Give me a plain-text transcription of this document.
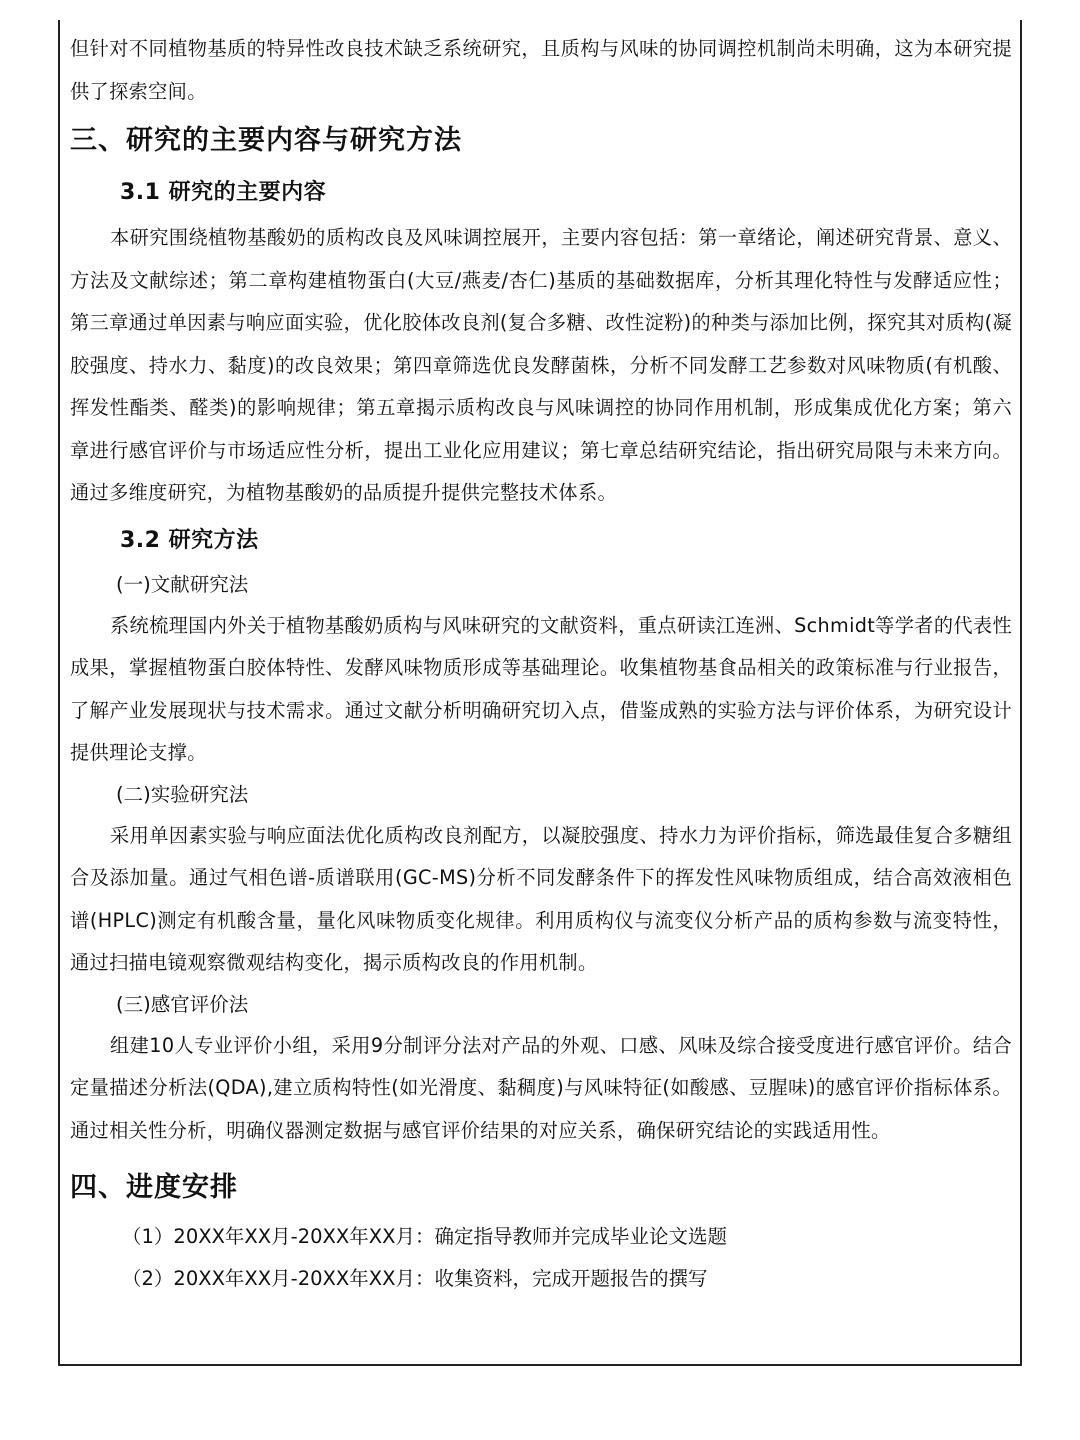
但针对不同植物基质的特异性改良技术缺乏系统研究，且质构与风味的协同调控机制尚未明确，这为本研究提供了探索空间。

三、研究的主要内容与研究方法
3.1 研究的主要内容

本研究围绕植物基酸奶的质构改良及风味调控展开，主要内容包括：第一章绪论，阐述研究背景、意义、方法及文献综述；第二章构建植物蛋白(大豆/燕麦/杏仁)基质的基础数据库，分析其理化特性与发酵适应性；第三章通过单因素与响应面实验，优化胶体改良剂(复合多糖、改性淀粉)的种类与添加比例，探究其对质构(凝胶强度、持水力、黏度)的改良效果；第四章筛选优良发酵菌株，分析不同发酵工艺参数对风味物质(有机酸、挥发性酯类、醛类)的影响规律；第五章揭示质构改良与风味调控的协同作用机制，形成集成优化方案；第六章进行感官评价与市场适应性分析，提出工业化应用建议；第七章总结研究结论，指出研究局限与未来方向。通过多维度研究，为植物基酸奶的品质提升提供完整技术体系。

3.2 研究方法
(一)文献研究法

系统梳理国内外关于植物基酸奶质构与风味研究的文献资料，重点研读江连洲、Schmidt等学者的代表性成果，掌握植物蛋白胶体特性、发酵风味物质形成等基础理论。收集植物基食品相关的政策标准与行业报告，了解产业发展现状与技术需求。通过文献分析明确研究切入点，借鉴成熟的实验方法与评价体系，为研究设计提供理论支撑。

(二)实验研究法

采用单因素实验与响应面法优化质构改良剂配方，以凝胶强度、持水力为评价指标，筛选最佳复合多糖组合及添加量。通过气相色谱-质谱联用(GC-MS)分析不同发酵条件下的挥发性风味物质组成，结合高效液相色谱(HPLC)测定有机酸含量，量化风味物质变化规律。利用质构仪与流变仪分析产品的质构参数与流变特性，通过扫描电镜观察微观结构变化，揭示质构改良的作用机制。

(三)感官评价法

组建10人专业评价小组，采用9分制评分法对产品的外观、口感、风味及综合接受度进行感官评价。结合定量描述分析法(QDA),建立质构特性(如光滑度、黏稠度)与风味特征(如酸感、豆腥味)的感官评价指标体系。通过相关性分析，明确仪器测定数据与感官评价结果的对应关系，确保研究结论的实践适用性。

四、进度安排
（1）20XX年XX月-20XX年XX月：确定指导教师并完成毕业论文选题
（2）20XX年XX月-20XX年XX月：收集资料，完成开题报告的撰写
